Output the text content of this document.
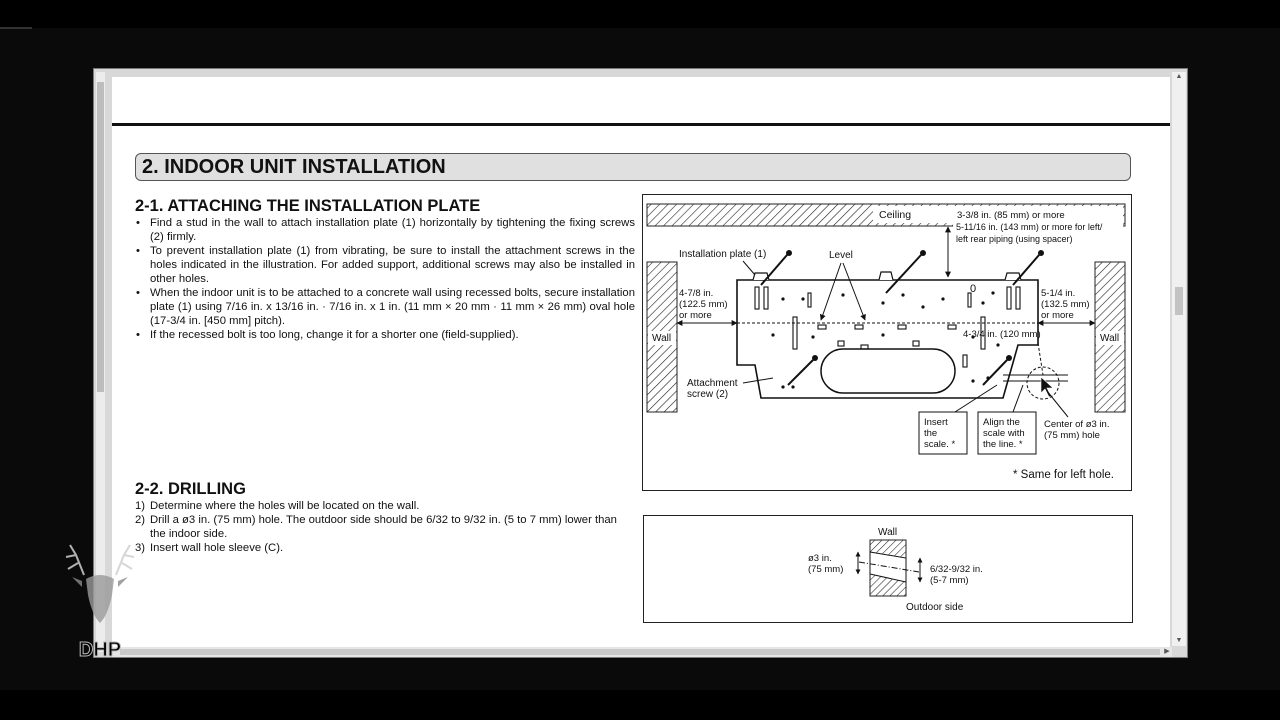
2. INDOOR UNIT INSTALLATION
2-1. ATTACHING THE INSTALLATION PLATE
• Find a stud in the wall to attach installation plate (1) horizontally by tightening the fixing screws (2) firmly.
• To prevent installation plate (1) from vibrating, be sure to install the attachment screws in the holes indicated in the illustration. For added support, additional screws may also be installed in other holes.
• When the indoor unit is to be attached to a concrete wall using recessed bolts, secure installation plate (1) using 7/16 in. x 13/16 in. · 7/16 in. x 1 in. (11 mm × 20 mm · 11 mm × 26 mm) oval hole (17-3/4 in. [450 mm] pitch).
• If the recessed bolt is too long, change it for a shorter one (field-supplied).
2-2. DRILLING
1) Determine where the holes will be located on the wall.
2) Drill a ø3 in. (75 mm) hole. The outdoor side should be 6/32 to 9/32 in. (5 to 7 mm) lower than the indoor side.
3) Insert wall hole sleeve (C).
Ceiling	3-3/8 in. (85 mm) or more
5-11/16 in. (143 mm) or more for left/
left rear piping (using spacer)
Wall	Wall
0
Installation plate (1)	Level
4-7/8 in.
(122.5 mm)
or more
5-1/4 in.
(132.5 mm)
or more
4-3/4 in. (120 mm)
Attachment
screw (2)
Insert
the
scale. *
Align the
scale with
the line. *
Center of ø3 in.
(75 mm) hole
* Same for left hole.
Wall
ø3 in.
(75 mm)	6/32-9/32 in.
(5-7 mm)
Outdoor side
▲
▼
▶
DHP
